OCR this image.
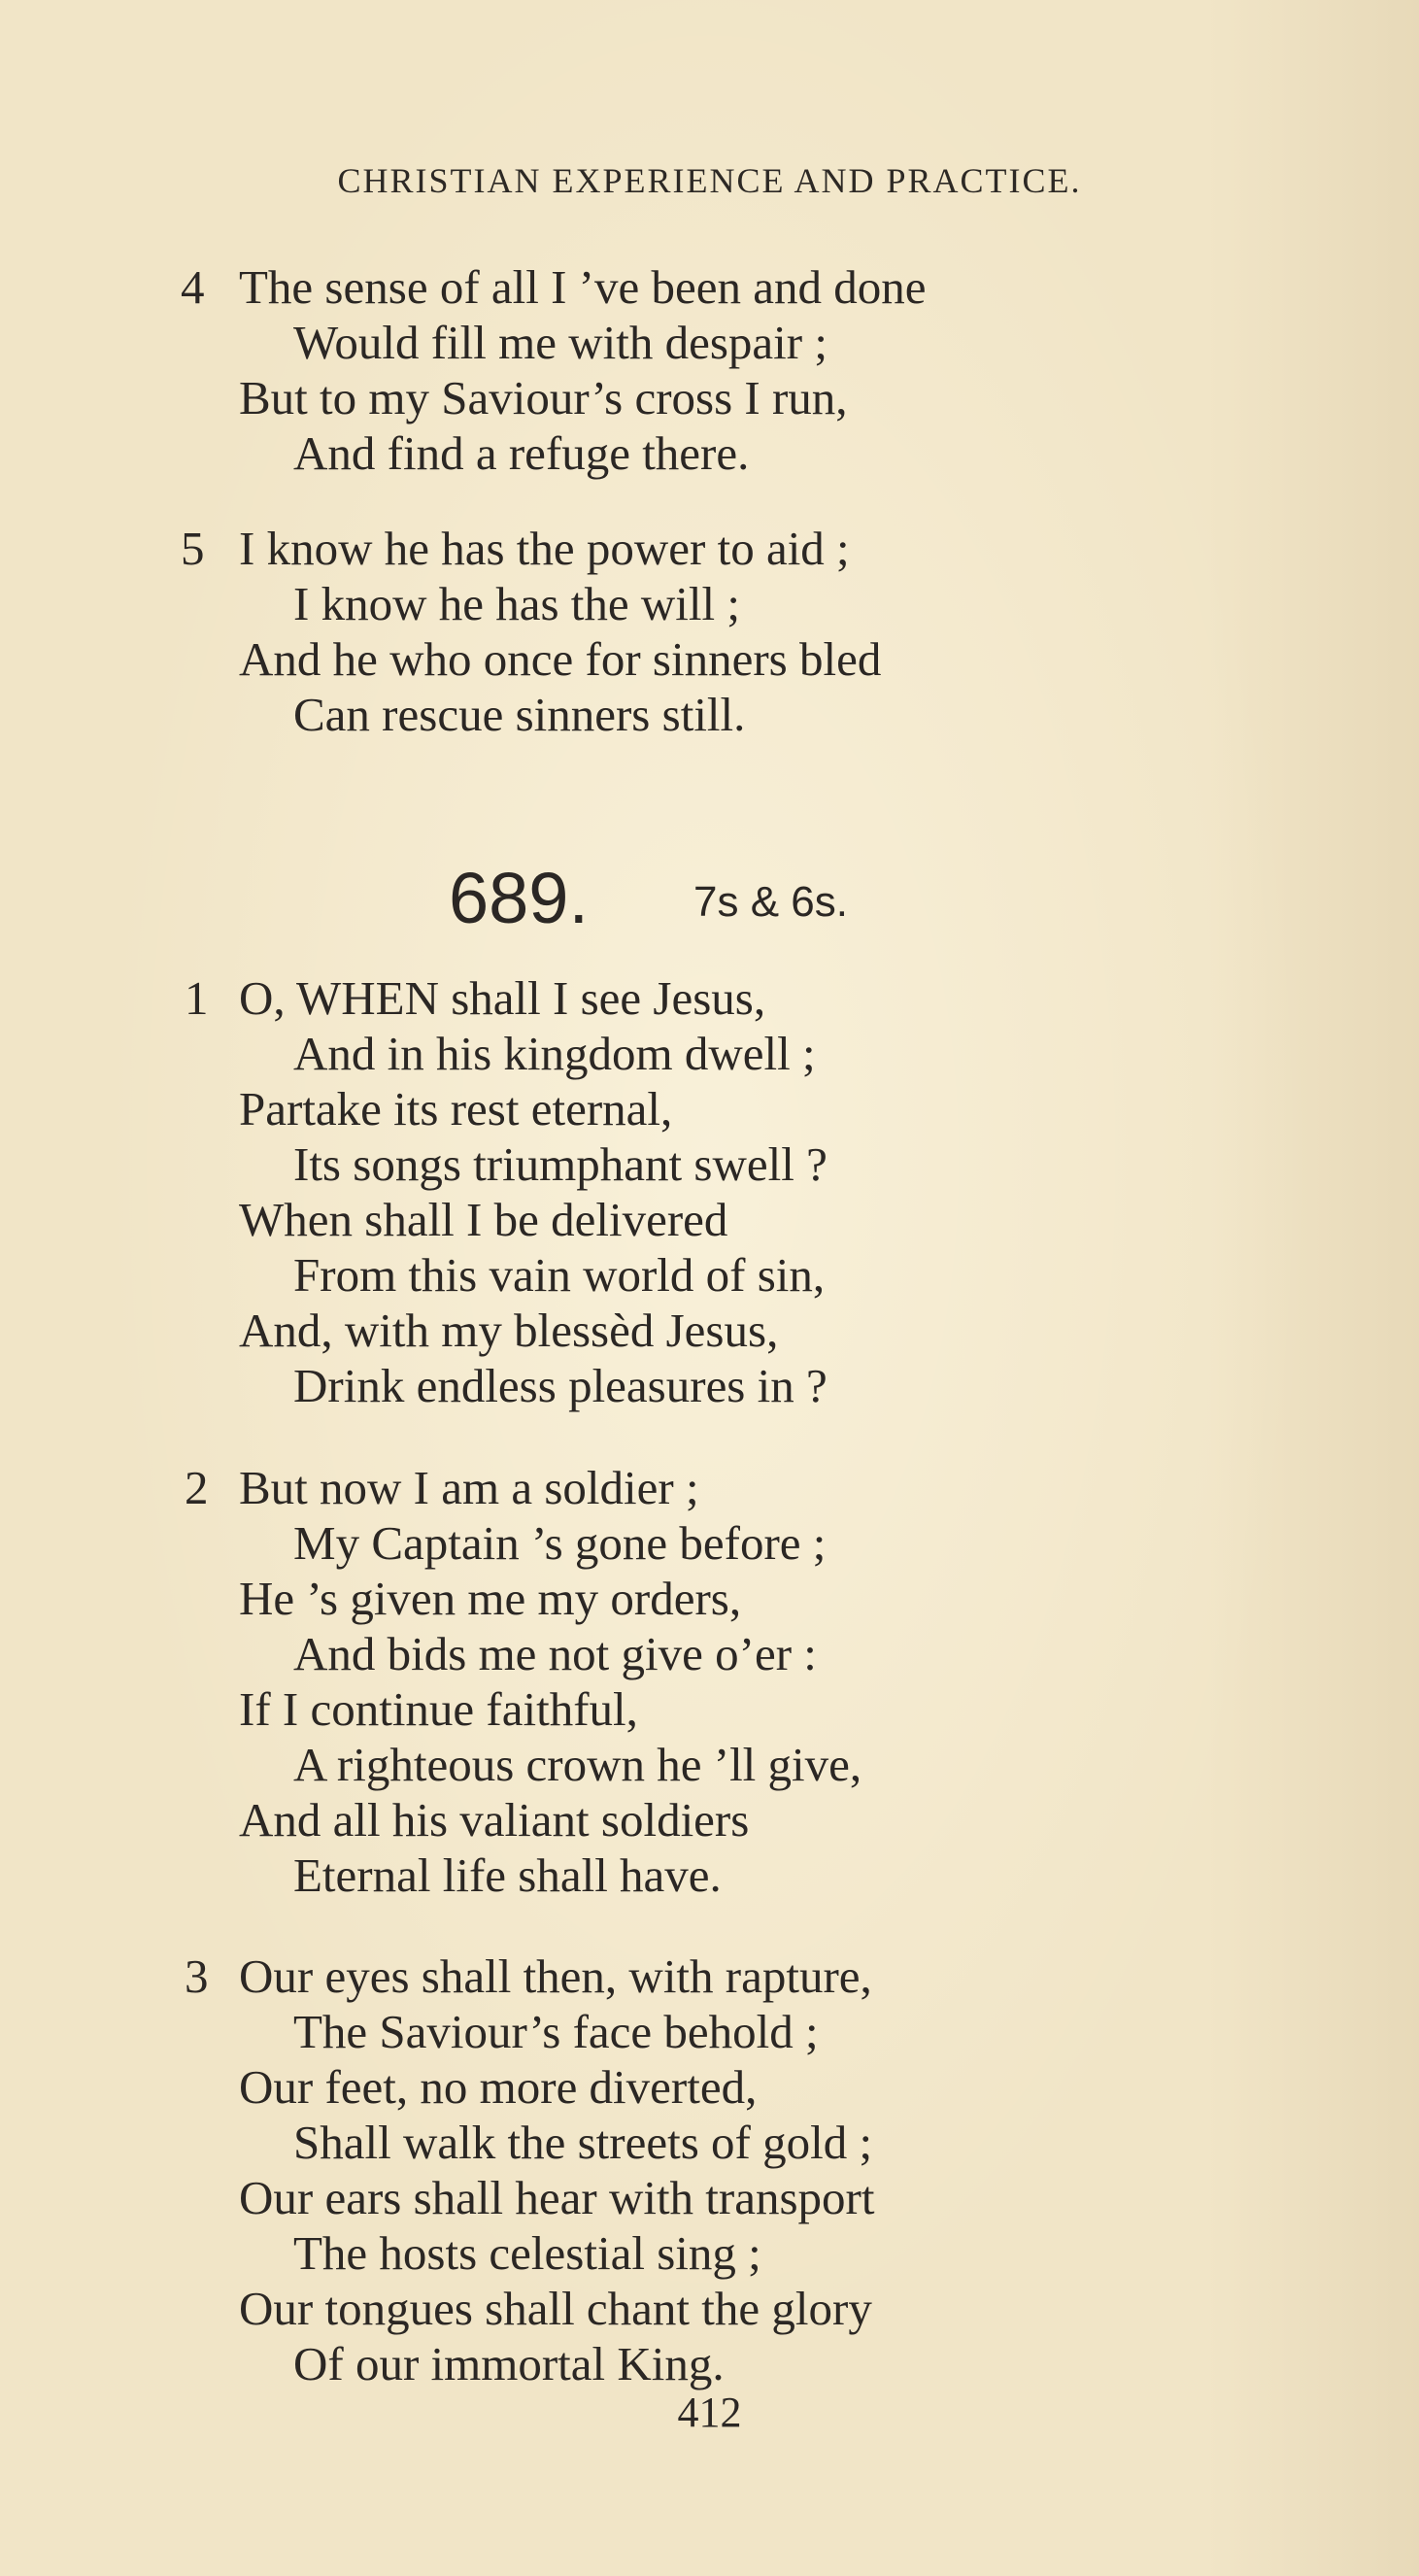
CHRISTIAN EXPERIENCE AND PRACTICE.
4 The sense of all I ’ve been and done
Would fill me with despair ;
But to my Saviour’s cross I run,
And find a refuge there.
5 I know he has the power to aid ;
I know he has the will ;
And he who once for sinners bled
Can rescue sinners still.
689. 7s & 6s.
1 O, WHEN shall I see Jesus,
And in his kingdom dwell ;
Partake its rest eternal,
Its songs triumphant swell ?
When shall I be delivered
From this vain world of sin,
And, with my blessèd Jesus,
Drink endless pleasures in ?
2 But now I am a soldier ;
My Captain ’s gone before ;
He ’s given me my orders,
And bids me not give o’er :
If I continue faithful,
A righteous crown he ’ll give,
And all his valiant soldiers
Eternal life shall have.
3 Our eyes shall then, with rapture,
The Saviour’s face behold ;
Our feet, no more diverted,
Shall walk the streets of gold ;
Our ears shall hear with transport
The hosts celestial sing ;
Our tongues shall chant the glory
Of our immortal King.
412
